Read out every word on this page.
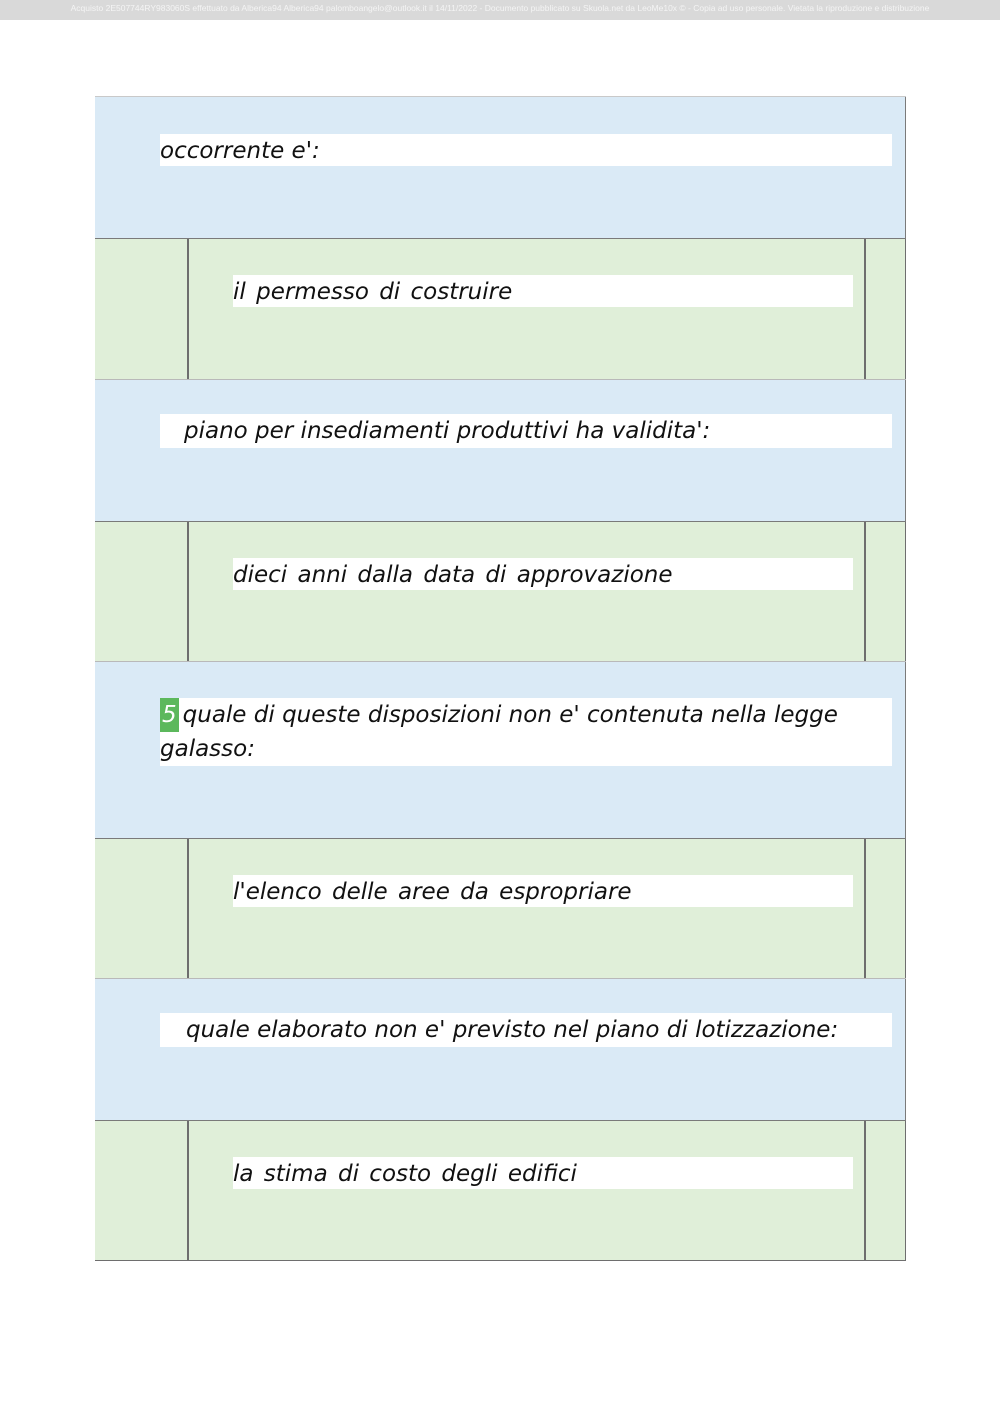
Acquisto 2E507744RY983060S effettuato da Alberica94 Alberica94 palomboangelo@outlook.it il 14/11/2022 - Documento pubblicato su Skuola.net da LeoMe10x © - Copia ad uso personale. Vietata la riproduzione e distribuzione
occorrente e':
il permesso di costruire
piano per insediamenti produttivi ha validita':
dieci anni dalla data di approvazione
5 quale di queste disposizioni non e' contenuta nella legge
galasso:
l'elenco delle aree da espropriare
quale elaborato non e' previsto nel piano di lotizzazione:
la stima di costo degli edifici
